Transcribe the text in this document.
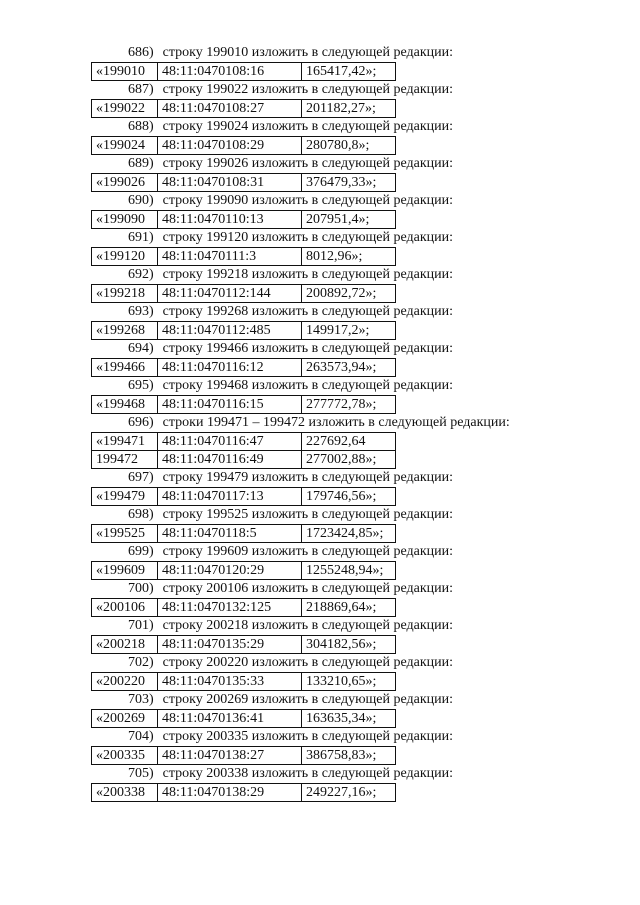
686) строку 199010 изложить в следующей редакции:
«199010	48:11:0470108:16	165417,42»;
687) строку 199022 изложить в следующей редакции:
«199022	48:11:0470108:27	201182,27»;
688) строку 199024 изложить в следующей редакции:
«199024	48:11:0470108:29	280780,8»;
689) строку 199026 изложить в следующей редакции:
«199026	48:11:0470108:31	376479,33»;
690) строку 199090 изложить в следующей редакции:
«199090	48:11:0470110:13	207951,4»;
691) строку 199120 изложить в следующей редакции:
«199120	48:11:0470111:3	8012,96»;
692) строку 199218 изложить в следующей редакции:
«199218	48:11:0470112:144	200892,72»;
693) строку 199268 изложить в следующей редакции:
«199268	48:11:0470112:485	149917,2»;
694) строку 199466 изложить в следующей редакции:
«199466	48:11:0470116:12	263573,94»;
695) строку 199468 изложить в следующей редакции:
«199468	48:11:0470116:15	277772,78»;
696) строки 199471 – 199472 изложить в следующей редакции:
«199471	48:11:0470116:47	227692,64
199472	48:11:0470116:49	277002,88»;
697) строку 199479 изложить в следующей редакции:
«199479	48:11:0470117:13	179746,56»;
698) строку 199525 изложить в следующей редакции:
«199525	48:11:0470118:5	1723424,85»;
699) строку 199609 изложить в следующей редакции:
«199609	48:11:0470120:29	1255248,94»;
700) строку 200106 изложить в следующей редакции:
«200106	48:11:0470132:125	218869,64»;
701) строку 200218 изложить в следующей редакции:
«200218	48:11:0470135:29	304182,56»;
702) строку 200220 изложить в следующей редакции:
«200220	48:11:0470135:33	133210,65»;
703) строку 200269 изложить в следующей редакции:
«200269	48:11:0470136:41	163635,34»;
704) строку 200335 изложить в следующей редакции:
«200335	48:11:0470138:27	386758,83»;
705) строку 200338 изложить в следующей редакции:
«200338	48:11:0470138:29	249227,16»;
